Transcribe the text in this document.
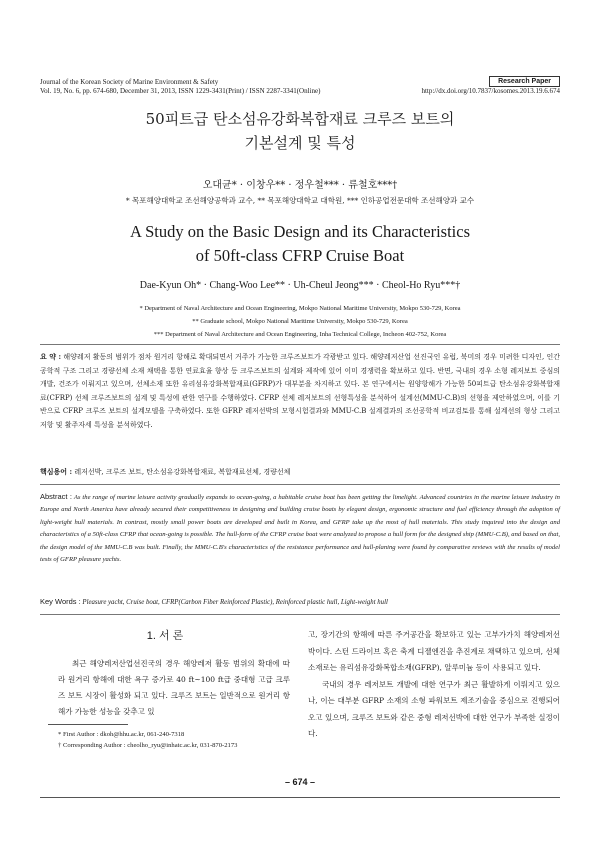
Journal of the Korean Society of Marine Environment & Safety	Research Paper
Vol. 19, No. 6, pp. 674-680, December 31, 2013, ISSN 1229-3431(Print) / ISSN 2287-3341(Online)	http://dx.doi.org/10.7837/kosomes.2013.19.6.674
50피트급 탄소섬유강화복합재료 크루즈 보트의
기본설계 및 특성
오대균* · 이창우** · 정우철*** · 류철호***†
* 목포해양대학교 조선해양공학과 교수, ** 목포해양대학교 대학원, *** 인하공업전문대학 조선해양과 교수
A Study on the Basic Design and its Characteristics
of 50ft-class CFRP Cruise Boat
Dae-Kyun Oh* · Chang-Woo Lee** · Uh-Cheul Jeong*** · Cheol-Ho Ryu***†
* Department of Naval Architecture and Ocean Engineering, Mokpo National Maritime University, Mokpo 530-729, Korea
** Graduate school, Mokpo National Maritime University, Mokpo 530-729, Korea
*** Department of Naval Architecture and Ocean Engineering, Inha Technical College, Incheon 402-752, Korea
요 약 : 해양레저 활동의 범위가 점차 원거리 항해로 확대되면서 거주가 가능한 크루즈보트가 각광받고 있다. 해양레저산업 선진국인 유럽, 북미의 경우 미려한 디자인, 인간공학적 구조 그리고 경량선체 소재 채택을 통한 연료효율 향상 등 크루즈보트의 설계와 제작에 있어 이미 경쟁력을 확보하고 있다. 반면, 국내의 경우 소형 레저보트 중심의 개발, 건조가 이뤄지고 있으며, 선체소재 또한 유리섬유강화복합재료(GFRP)가 대부분을 차지하고 있다. 본 연구에서는 원양항해가 가능한 50피트급 탄소섬유강화복합재료(CFRP) 선체 크루즈보트의 설계 및 특성에 관한 연구를 수행하였다. CFRP 선체 레저보트의 선형특성을 분석하여 설계선(MMU-C.B)의 선형을 제안하였으며, 이를 기반으로 CFRP 크루즈 보트의 설계모델을 구축하였다. 또한 GFRP 레저선박의 모형시험결과와 MMU-C.B 설계결과의 조선공학적 비교검토를 통해 설계선의 형상 그리고 저항 및 활주자세 특성을 분석하였다.
핵심용어 : 레저선박, 크루즈 보트, 탄소섬유강화복합재료, 복합재료선체, 경량선체
Abstract : As the range of marine leisure activity gradually expands to ocean-going, a habitable cruise boat has been getting the limelight. Advanced countries in the marine leisure industry in Europe and North America have already secured their competitiveness in designing and building cruise boats by elegant design, ergonomic structure and fuel efficiency through the adoption of light-weight hull materials. In contrast, mostly small power boats are developed and built in Korea, and GFRP take up the most of hull materials. This study inquired into the design and characteristics of a 50ft-class CFRP that ocean-going is possible. The hull-form of the CFRP cruise boat were analyzed to propose a hull form for the designed ship (MMU-C.B), and based on that, the design model of the MMU-C.B was built. Finally, the MMU-C.B's characteristics of the resistance performance and hull-planing were found by comparative reviews with the results of model tests of GFRP pleasure yachts.
Key Words : Pleasure yacht, Cruise boat, CFRP(Carbon Fiber Reinforced Plastic), Reinforced plastic hull, Light-weight hull
1. 서 론
최근 해양레저산업선진국의 경우 해양레저 활동 범위의 확대에 따라 원거리 항해에 대한 욕구 증가로 40 ft~100 ft급 중대형 고급 크루즈 보트 시장이 활성화 되고 있다. 크루즈 보트는 일반적으로 원거리 항해가 가능한 성능을 갖추고 있

고, 장기간의 항해에 따른 주거공간을 확보하고 있는 고부가가치 해양레저선박이다. 스턴 드라이브 혹은 축계 디젤엔진을 추진계로 채택하고 있으며, 선체 소재로는 유리섬유강화복합소재(GFRP), 알루미늄 등이 사용되고 있다.

국내의 경우 레저보트 개발에 대한 연구가 최근 활발하게 이뤄지고 있으나, 이는 대부분 GFRP 소재의 소형 파워보트 제조기술을 중심으로 진행되어 오고 있으며, 크루즈 보트와 같은 중형 레저선박에 대한 연구가 부족한 실정이다.

* First Author : dkoh@hhu.ac.kr, 061-240-7318
† Corresponding Author : cheolho_ryu@inhatc.ac.kr, 031-870-2173
– 674 –
